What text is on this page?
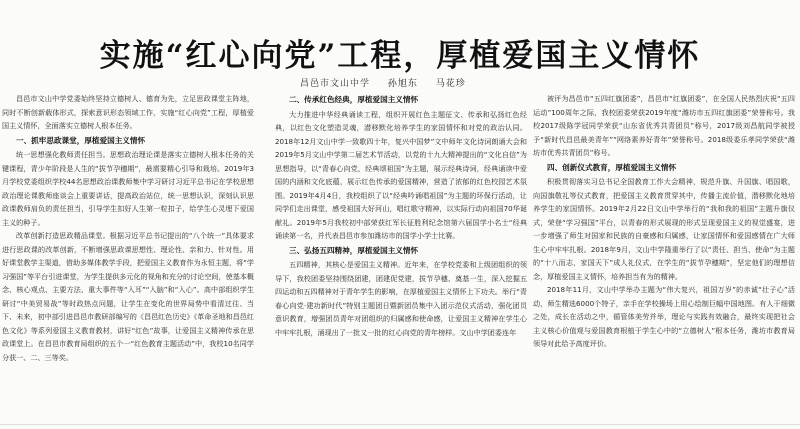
实施“红心向党”工程，厚植爱国主义情怀
昌邑市文山中学 孙旭东 马花珍

昌邑市文山中学党委始终坚持立德树人、德育为先，立足思政课堂主阵地，同时不断创新载体形式，探索意识形态领域工作，实施“红心向党”工程，厚植爱国主义情怀，全面落实立德树人根本任务。

一、抓牢思政课堂，厚植爱国主义情怀

统一思想强化教师责任担当。思想政治理论课是落实立德树人根本任务的关键课程，青少年阶段是人生的“拔节孕穗期”，最需要精心引导和栽培。2019年3月学校党委组织学校44名思想政治课教师集中学习研讨习近平总书记在学校思想政治理论课教师座谈会上重要讲话，提高政治站位，统一思想认识，深刻认识思政课教师肩负的责任担当，引导学生扣好人生第一粒扣子，给学生心灵埋下爱国主义的种子。

改革创新打造思政精品课堂。根据习近平总书记提出的“八个统一”具体要求进行思政课的改革创新，不断增强思政课思想性、理论性、亲和力、针对性。用好课堂教学主渠道，借助多媒体教学手段，把爱国主义教育作为永恒主题，将“学习强国”等平台引进课堂，为学生提供多元化的视角和充分的讨论空间，使基本概念、核心观点、主要方法、重大事件等“入耳”“入脑”和“入心”。高中部组织学生研讨“中美贸易战”等时政热点问题，让学生在变化的世界局势中看清过往、当下、未来，初中部引进昌邑市教研部编写的《昌邑红色历史》《革命圣地和昌邑红色文化》等系列爱国主义教育教材，讲好“红色”故事，让爱国主义精神传承在思政课堂上。在昌邑市教育局组织的五个一“红色教育主题活动”中，我校10名同学分获一、二、三等奖。

二、传承红色经典，厚植爱国主义情怀

大力推进中华经典诵读工程，组织开展红色主题征文、传承和弘扬红色经典，以红色文化塑造灵魂，潜移默化培养学生的家国情怀和对党的政治认同。2018年12月文山中学一致歌四十年，复兴中国梦”文中师年文化诗词朗诵大会和2019年5月文山中学第二届艺术节活动，以党的十九大精神提出的“文化自信”为思想指导，以“青春心向党，经典颂祖国”为主题，展示经典诗词，经典诵读中爱国的内涵和文化底蕴，展示红色传承的爱国精神，营造了浓郁的红色校园艺术氛围。2019年4月4日，我校组织了以“经典吟诵唱祖国”为主题的环保行活动，让同学们走出课堂，感受祖国大好河山，唱红歌守精神，以实际行动向祖国70华诞献礼。2019年5月我校初中部荣获红军长征胜利纪念馆第六届国学小名士“经典诵读第一名，并代表昌邑市参加潍坊市的国学小学士比赛。

三、弘扬五四精神，厚植爱国主义情怀

五四精神，其核心是爱国主义精神。近年来，在学校党委和上级团组织的领导下，我校团委坚持围绕团建，团建促党建，拔节孕穗、奠基一生，深入挖掘五四运动和五四精神对于青年学生的影响，在厚植爱国主义情怀上下功夫。举行“青春心向党·建功新时代”特别主题团日暨新团员集中入团示范仪式活动，强化团员意识教育，增强团员青年对团组织的归属感和使命感，让爱国主义精神在学生心中牢牢扎根，涌现出了一批又一批的红心向党的青年榜样。文山中学团委连年

被评为昌邑市“五四红旗团委”，昌邑市“红旗团委”，在全国人民热烈庆祝“五四运动”100周年之际，我校团委荣获2019年度“潍坊市五四红旗团委”荣誉称号。我校2017级陈学冠同学荣获“山东省优秀共青团员”称号，2017级刘昌航同学被授予“新时代昌邑最美青年”“网络素养好青年”荣誉称号。2018级委乐孝同学荣获“潍坊市优秀共青团员”称号。

四、创新仪式教育，厚植爱国主义情怀

积极贯彻落实习总书记全国教育工作大会精神，规范升旗、升国旗、唱国歌，向国旗敬礼等仪式教育，把爱国主义教育贯穿其中，传播主流价值，潜移默化地培养学生的家国情怀。2019年2月22日文山中学举行的“我和我的祖国”主题升旗仪式，荣登“学习强国”平台，以青春的形式展现的形式呈现爱国主义的视觉盛宴，进一步增强了师生对国家和民族的自豪感和归属感，让家国情怀和爱国感情在广大师生心中牢牢扎根。2018年9月，文山中学隆重举行了以“责任、担当、使命”为主题的“十八而志，家国天下”成人礼仪式，在学生的“拔节孕穗期”，坚定他们的理想信念，厚植爱国主义情怀，培养担当有为的精神。

2018年11月，文山中学举办主题为“伟大复兴，祖国万岁”的赤诚“壮子心”活动，师生精选6000个特子，亲手在学校操场上用心绘制巨幅中国地图。有人干细微之处，成长在活动之中，循管体美劳并举，理论与实践有效融合，最终实现把社会主义核心价值观与爱国教育根植于学生心中的“立德树人”根本任务，潍坊市教育局领导对此给予高度评价。
